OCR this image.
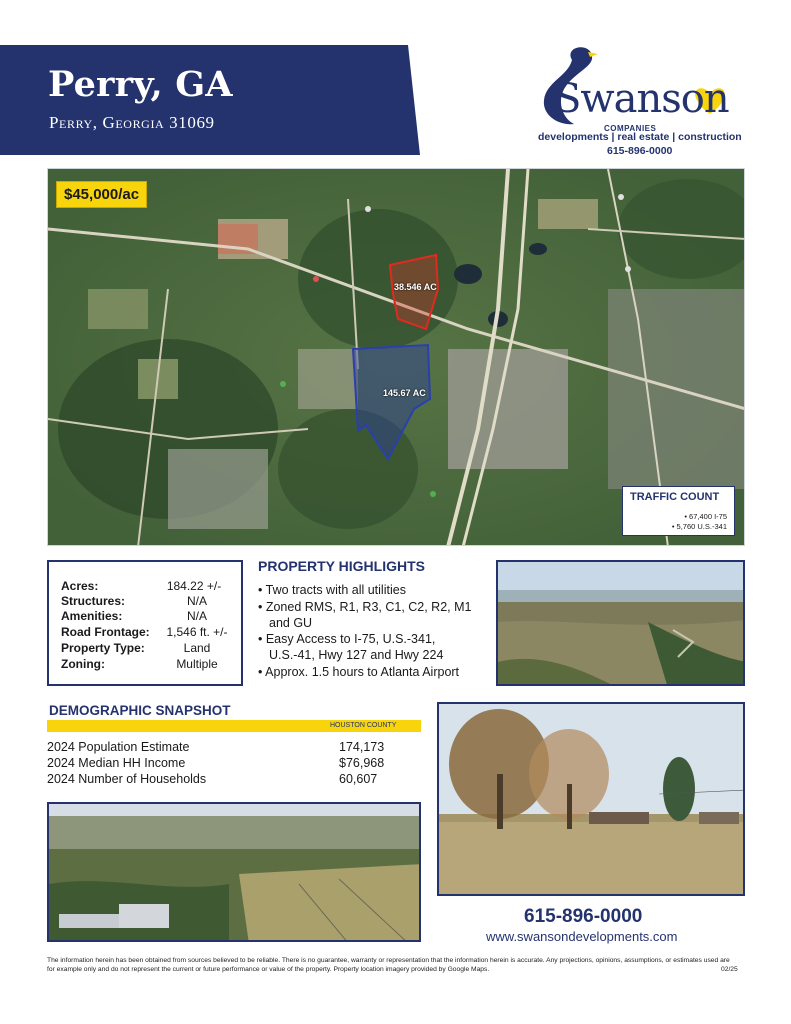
Perry, GA
Perry, Georgia 31069
Swanson
COMPANIES
developments | real estate | construction
615-896-0000
$45,000/ac
38.546 AC
145.67 AC
TRAFFIC COUNT
• 67,400 I-75
• 5,760 U.S.-341
Acres:	184.22 +/-
Structures:	N/A
Amenities:	N/A
Road Frontage:	1,546 ft. +/-
Property Type:	Land
Zoning:	Multiple
PROPERTY HIGHLIGHTS
• Two tracts with all utilities
• Zoned RMS, R1, R3, C1, C2, R2, M1
and GU
• Easy Access to I-75, U.S.-341,
U.S.-41, Hwy 127 and Hwy 224
• Approx. 1.5 hours to Atlanta Airport
DEMOGRAPHIC SNAPSHOT
HOUSTON COUNTY
2024 Population Estimate	174,173
2024 Median HH Income	$76,968
2024 Number of Households	60,607
615-896-0000
www.swansondevelopments.com
The information herein has been obtained from sources believed to be reliable. There is no guarantee, warranty or representation that the information herein is accurate. Any projections, opinions, assumptions, or estimates used are for example only and do not represent the current or future performance or value of the property. Property location imagery provided by Google Maps.	02/25
